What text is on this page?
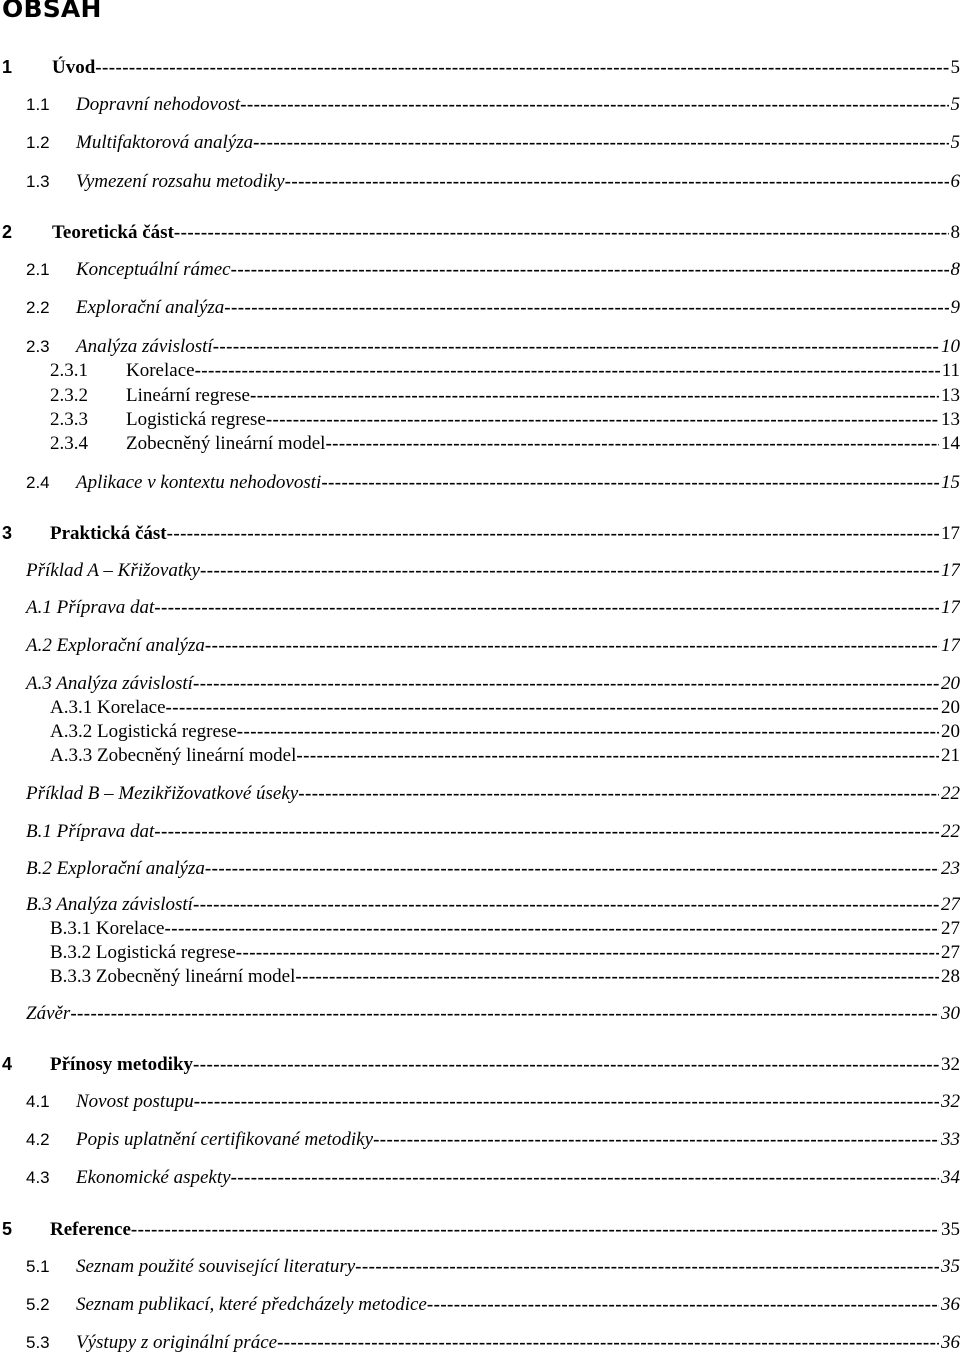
OBSAH
1	Úvod -----	5
1.1	Dopravní nehodovost -----	5
1.2	Multifaktorová analýza -----	5
1.3	Vymezení rozsahu metodiky -----	6
2	Teoretická část -----	8
2.1	Konceptuální rámec -----	8
2.2	Explorační analýza -----	9
2.3	Analýza závislostí -----	10
2.3.1	Korelace -----	11
2.3.2	Lineární regrese -----	13
2.3.3	Logistická regrese -----	13
2.3.4	Zobecněný lineární model -----	14
2.4	Aplikace v kontextu nehodovosti -----	15
3	Praktická část -----	17
Příklad A – Křižovatky -----	17
A.1 Příprava dat -----	17
A.2 Explorační analýza -----	17
A.3 Analýza závislostí -----	20
A.3.1 Korelace -----	20
A.3.2 Logistická regrese -----	20
A.3.3 Zobecněný lineární model -----	21
Příklad B – Mezikřižovatkové úseky -----	22
B.1 Příprava dat -----	22
B.2 Explorační analýza -----	23
B.3 Analýza závislostí -----	27
B.3.1 Korelace -----	27
B.3.2 Logistická regrese -----	27
B.3.3 Zobecněný lineární model -----	28
Závěr -----	30
4	Přínosy metodiky -----	32
4.1	Novost postupu -----	32
4.2	Popis uplatnění certifikované metodiky -----	33
4.3	Ekonomické aspekty -----	34
5	Reference -----	35
5.1	Seznam použité související literatury -----	35
5.2	Seznam publikací, které předcházely metodice -----	36
5.3	Výstupy z originální práce -----	36
